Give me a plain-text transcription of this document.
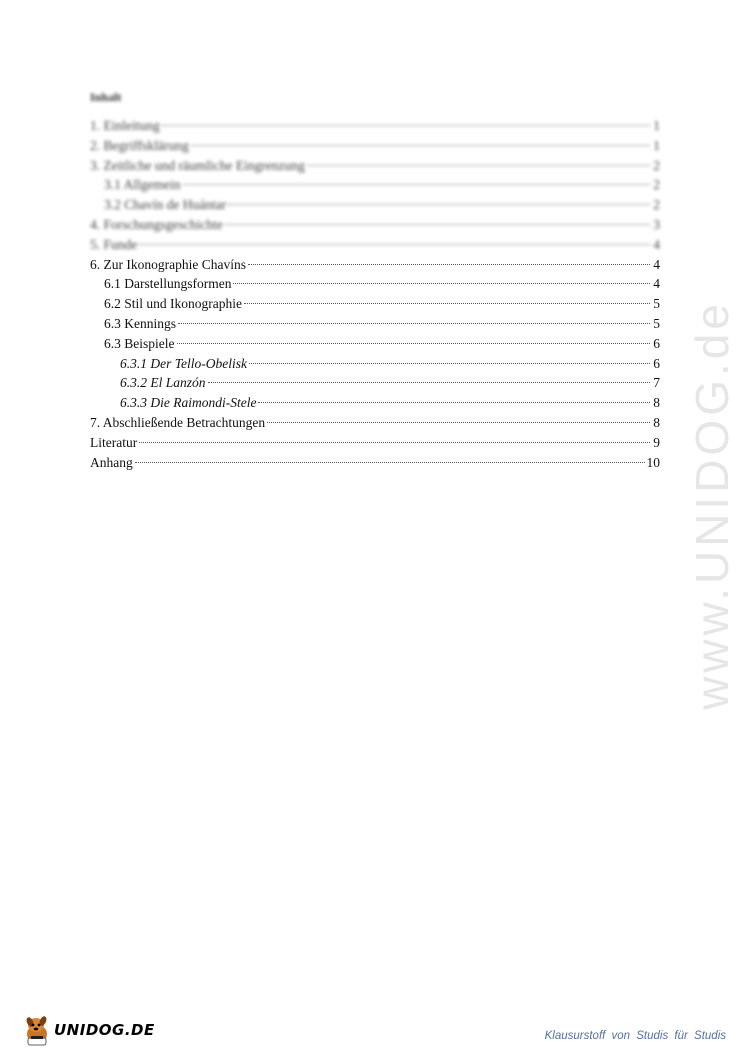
Inhalt
1. Einleitung	1
2. Begriffsklärung	1
3. Zeitliche und räumliche Eingrenzung	2
3.1 Allgemein	2
3.2 Chavín de Huántar	2
4. Forschungsgeschichte	3
5. Funde	4
6. Zur Ikonographie Chavíns	4
6.1 Darstellungsformen	4
6.2 Stil und Ikonographie	5
6.3 Kennings	5
6.3 Beispiele	6
6.3.1 Der Tello-Obelisk	6
6.3.2 El Lanzón	7
6.3.3 Die Raimondi-Stele	8
7. Abschließende Betrachtungen	8
Literatur	9
Anhang	10 www.UNIDOG.de
UNIDOG.DE	Klausurstoff von Studis für Studis
